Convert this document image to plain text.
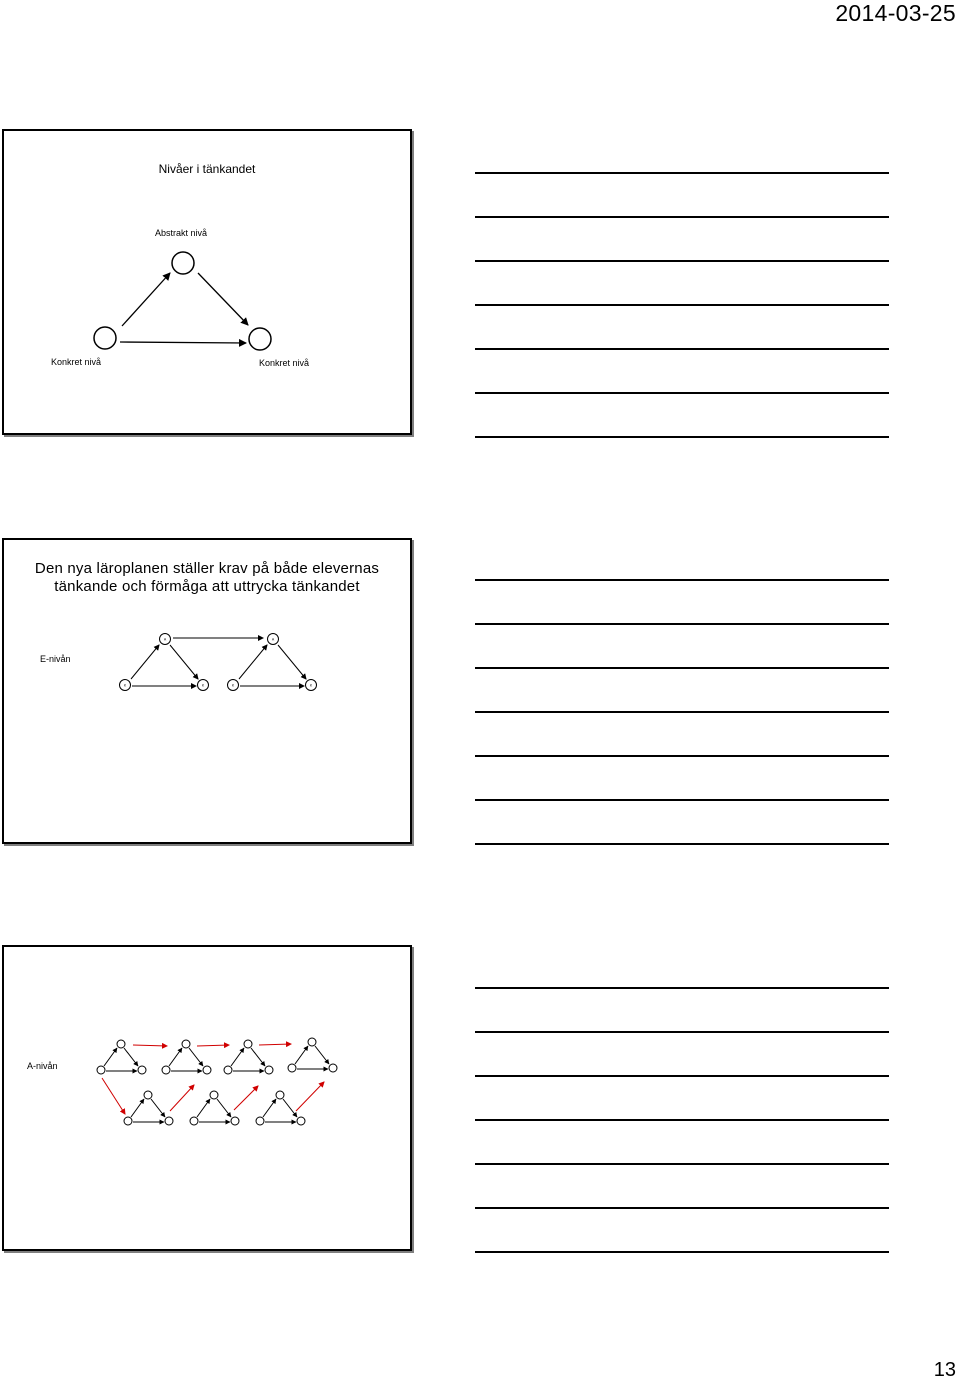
2014-03-25
Nivåer i tänkandet
Abstrakt nivå
Konkret nivå	Konkret nivå
Den nya läroplanen ställer krav på både elevernas
tänkande och förmåga att uttrycka tänkandet
E-nivån
A	A
K	K	K	K
A-nivån
13
